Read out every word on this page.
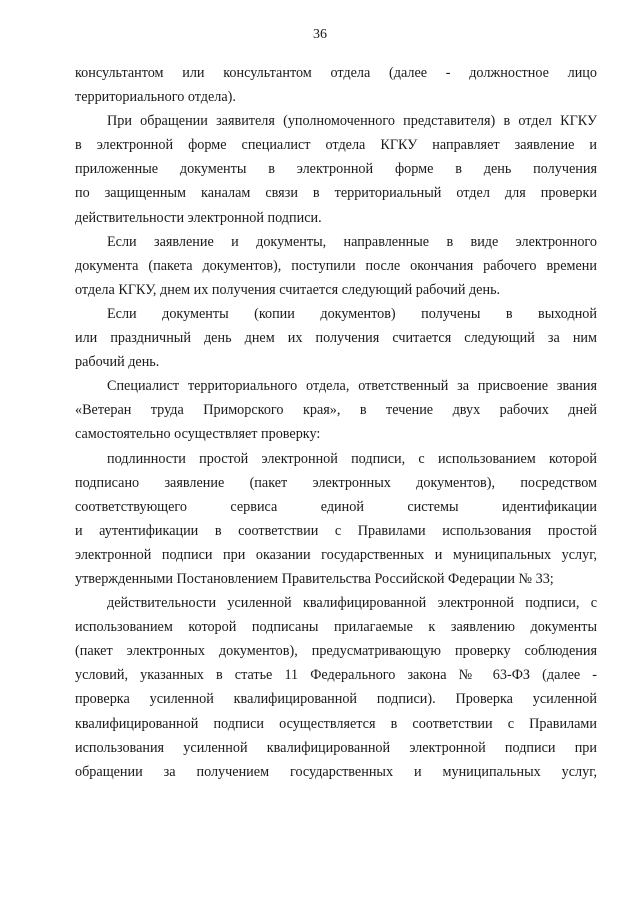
36
консультантом или консультантом отдела (далее - должностное лицо
территориального отдела).
При обращении заявителя (уполномоченного представителя) в отдел КГКУ
в электронной форме специалист отдела КГКУ направляет заявление и
приложенные документы в электронной форме в день получения
по защищенным каналам связи в территориальный отдел для проверки
действительности электронной подписи.
Если заявление и документы, направленные в виде электронного
документа (пакета документов), поступили после окончания рабочего времени
отдела КГКУ, днем их получения считается следующий рабочий день.
Если документы (копии документов) получены в выходной
или праздничный день днем их получения считается следующий за ним
рабочий день.
Специалист территориального отдела, ответственный за присвоение звания
«Ветеран труда Приморского края», в течение двух рабочих дней
самостоятельно осуществляет проверку:
подлинности простой электронной подписи, с использованием которой
подписано заявление (пакет электронных документов), посредством
соответствующего сервиса единой системы идентификации
и аутентификации в соответствии с Правилами использования простой
электронной подписи при оказании государственных и муниципальных услуг,
утвержденными Постановлением Правительства Российской Федерации № 33;
действительности усиленной квалифицированной электронной подписи, с
использованием которой подписаны прилагаемые к заявлению документы
(пакет электронных документов), предусматривающую проверку соблюдения
условий, указанных в статье 11 Федерального закона № 63-ФЗ (далее -
проверка усиленной квалифицированной подписи). Проверка усиленной
квалифицированной подписи осуществляется в соответствии с Правилами
использования усиленной квалифицированной электронной подписи при
обращении за получением государственных и муниципальных услуг,
